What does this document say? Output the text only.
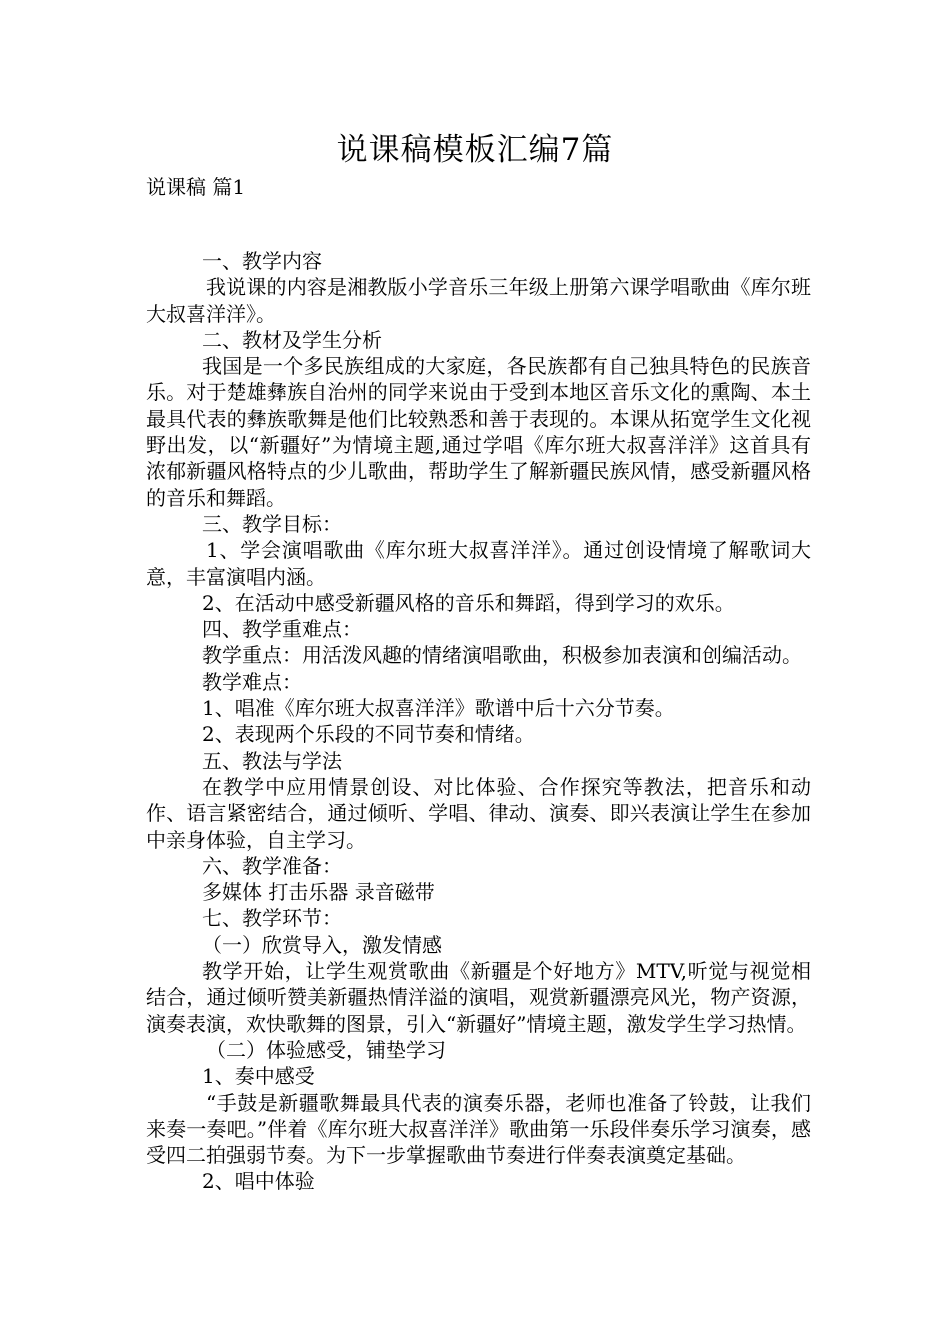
说课稿模板汇编7篇
说课稿 篇1

一、教学内容

我说课的内容是湘教版小学音乐三年级上册第六课学唱歌曲《库尔班大叔喜洋洋》。

二、教材及学生分析

我国是一个多民族组成的大家庭，各民族都有自己独具特色的民族音乐。对于楚雄彝族自治州的同学来说由于受到本地区音乐文化的熏陶、本土最具代表的彝族歌舞是他们比较熟悉和善于表现的。本课从拓宽学生文化视野出发，以“新疆好”为情境主题,通过学唱《库尔班大叔喜洋洋》这首具有浓郁新疆风格特点的少儿歌曲，帮助学生了解新疆民族风情，感受新疆风格的音乐和舞蹈。

三、教学目标：

1、学会演唱歌曲《库尔班大叔喜洋洋》。通过创设情境了解歌词大意，丰富演唱内涵。

2、在活动中感受新疆风格的音乐和舞蹈，得到学习的欢乐。

四、教学重难点：

教学重点：用活泼风趣的情绪演唱歌曲，积极参加表演和创编活动。

教学难点：

1、唱准《库尔班大叔喜洋洋》歌谱中后十六分节奏。

2、表现两个乐段的不同节奏和情绪。

五、教法与学法

在教学中应用情景创设、对比体验、合作探究等教法，把音乐和动作、语言紧密结合，通过倾听、学唱、律动、演奏、即兴表演让学生在参加中亲身体验，自主学习。

六、教学准备：

多媒体 打击乐器 录音磁带

七、教学环节：

（一）欣赏导入，激发情感

教学开始，让学生观赏歌曲《新疆是个好地方》MTV,听觉与视觉相结合，通过倾听赞美新疆热情洋溢的演唱，观赏新疆漂亮风光，物产资源，演奏表演，欢快歌舞的图景，引入“新疆好”情境主题，激发学生学习热情。

（二）体验感受，铺垫学习

1、奏中感受

“手鼓是新疆歌舞最具代表的演奏乐器，老师也准备了铃鼓，让我们来奏一奏吧。”伴着《库尔班大叔喜洋洋》歌曲第一乐段伴奏乐学习演奏，感受四二拍强弱节奏。为下一步掌握歌曲节奏进行伴奏表演奠定基础。

2、唱中体验
